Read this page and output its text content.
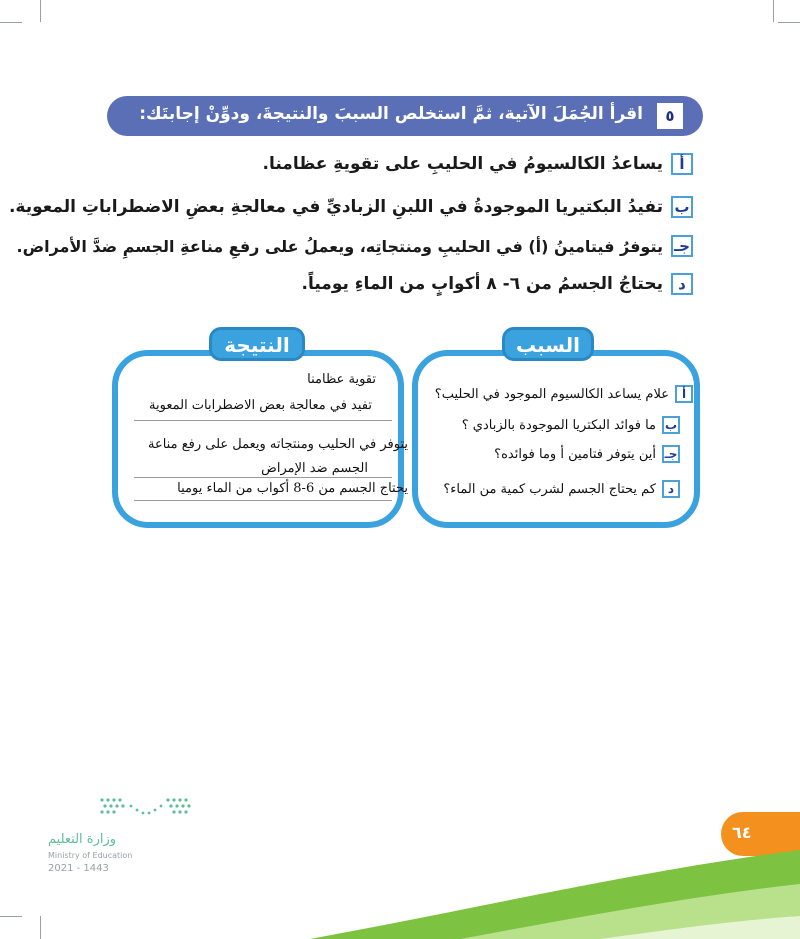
٥
اقرأ الجُمَلَ الآتية، ثمَّ استخلص السببَ والنتيجةَ، ودوِّنْ إجابتَك:
أ
يساعدُ الكالسيومُ في الحليبِ على تقويةِ عظامنا.
ب
تفيدُ البكتيريا الموجودةُ في اللبنِ الزباديِّ في معالجةِ بعضِ الاضطراباتِ المعوية.
جـ
يتوفرُ فيتامينُ (أ) في الحليبِ ومنتجاتِه، ويعملُ على رفعِ مناعةِ الجسمِ ضدَّ الأمراض.
د
يحتاجُ الجسمُ من ٦- ٨ أكوابٍ من الماءِ يومياً.
النتيجة	السبب
تقوية عظامنا
تفيد في معالجة بعض الاضطرابات المعوية
يتوفر في الحليب ومنتجاته ويعمل على رفع مناعة
الجسم ضد الإمراض
يحتاج الجسم من 6-8 أكواب من الماء يوميا
أ
علام يساعد الكالسيوم الموجود في الحليب؟
ب
ما فوائد البكتريا الموجودة بالزبادي ؟
جـ
أين يتوفر فتامين أ وما فوائده؟
د
كم يحتاج الجسم لشرب كمية من الماء؟
وزارة التعليم
Ministry of Education
2021 - 1443
٦٤
